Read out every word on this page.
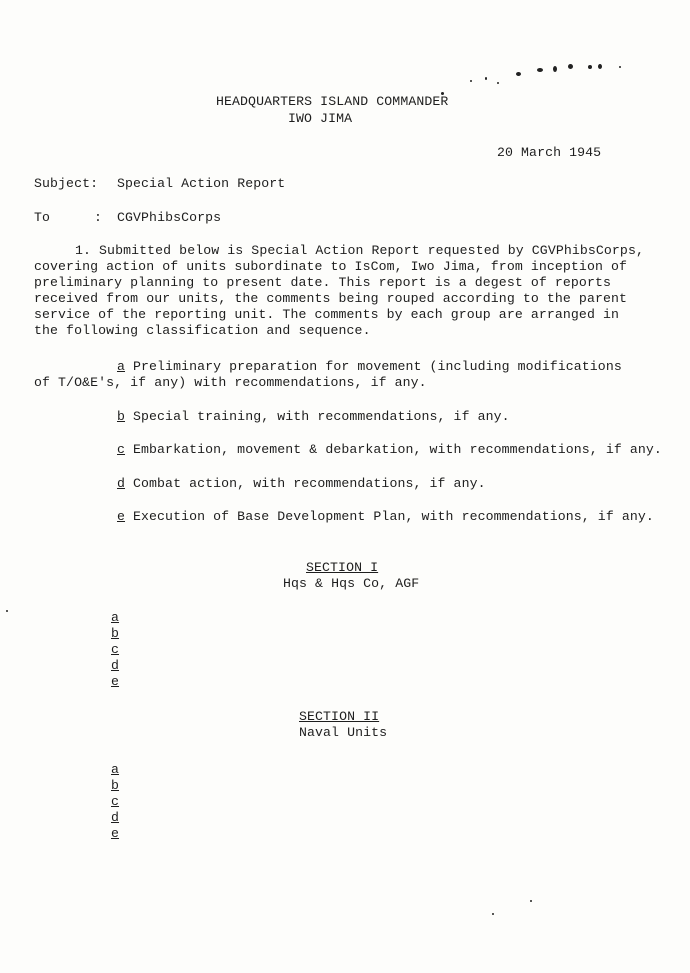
HEADQUARTERS ISLAND COMMANDER
IWO JIMA
20 March 1945
Subject: Special Action Report
To	: CGVPhibsCorps
1. Submitted below is Special Action Report requested by CGVPhibsCorps,
covering action of units subordinate to IsCom, Iwo Jima, from inception of
preliminary planning to present date. This report is a degest of reports
received from our units, the comments being rouped according to the parent
service of the reporting unit. The comments by each group are arranged in
the following classification and sequence.
a Preliminary preparation for movement (including modifications
of T/O&E's, if any) with recommendations, if any.
b Special training, with recommendations, if any.
c Embarkation, movement & debarkation, with recommendations, if any.
d Combat action, with recommendations, if any.
e Execution of Base Development Plan, with recommendations, if any.
SECTION I
Hqs & Hqs Co, AGF
a
b
c
d
e
SECTION II
Naval Units
a
b
c
d
e
